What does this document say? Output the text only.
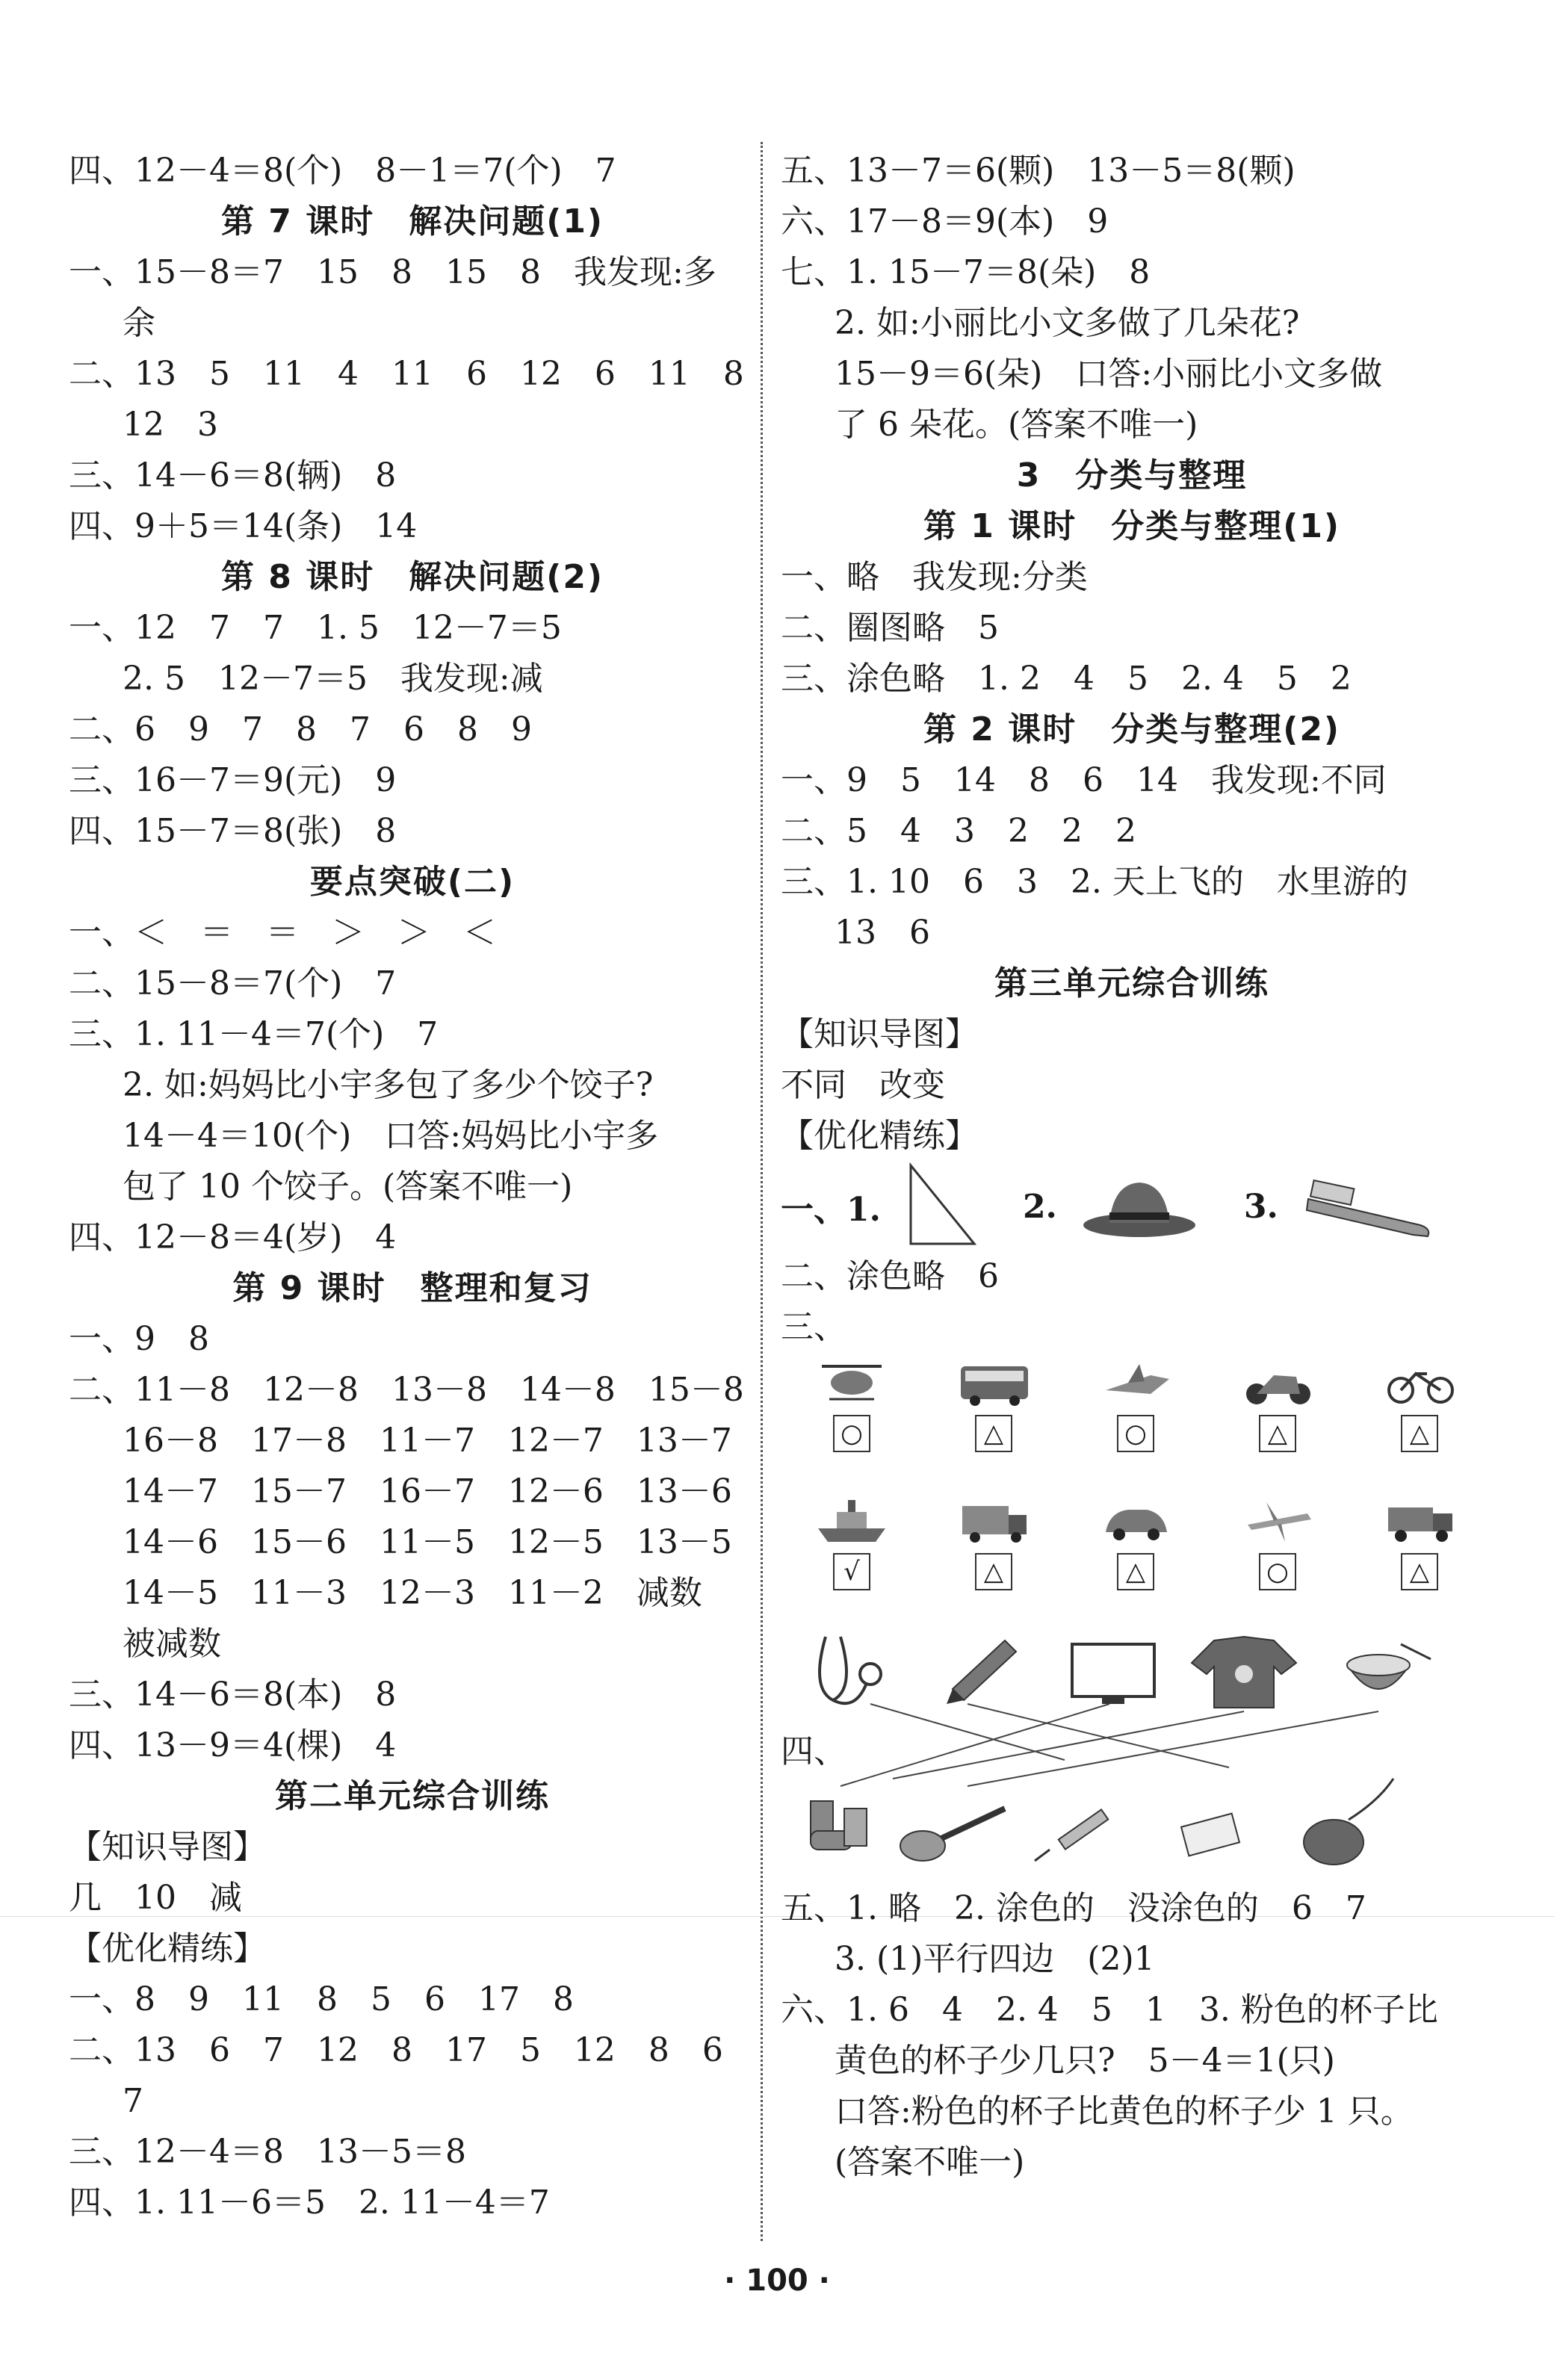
四、12－4＝8(个)　8－1＝7(个)　7
第 7 课时　解决问题(1)
一、15－8＝7　15　8　15　8　我发现:多
余
二、13　5　11　4　11　6　12　6　11　8
12　3
三、14－6＝8(辆)　8
四、9＋5＝14(条)　14
第 8 课时　解决问题(2)
一、12　7　7　1. 5　12－7＝5
2. 5　12－7＝5　我发现:减
二、6　9　7　8　7　6　8　9
三、16－7＝9(元)　9
四、15－7＝8(张)　8
要点突破(二)
一、＜　＝　＝　＞　＞　＜
二、15－8＝7(个)　7
三、1. 11－4＝7(个)　7
2. 如:妈妈比小宇多包了多少个饺子?
14－4＝10(个)　口答:妈妈比小宇多
包了 10 个饺子。(答案不唯一)
四、12－8＝4(岁)　4
第 9 课时　整理和复习
一、9　8
二、11－8　12－8　13－8　14－8　15－8
16－8　17－8　11－7　12－7　13－7
14－7　15－7　16－7　12－6　13－6
14－6　15－6　11－5　12－5　13－5
14－5　11－3　12－3　11－2　减数
被减数
三、14－6＝8(本)　8
四、13－9＝4(棵)　4
第二单元综合训练
【知识导图】
几　10　减
【优化精练】
一、8　9　11　8　5　6　17　8
二、13　6　7　12　8　17　5　12　8　6
7
三、12－4＝8　13－5＝8
四、1. 11－6＝5　2. 11－4＝7
五、13－7＝6(颗)　13－5＝8(颗)
六、17－8＝9(本)　9
七、1. 15－7＝8(朵)　8
2. 如:小丽比小文多做了几朵花?
15－9＝6(朵)　口答:小丽比小文多做
了 6 朵花。(答案不唯一)
3　分类与整理
第 1 课时　分类与整理(1)
一、略　我发现:分类
二、圈图略　5
三、涂色略　1. 2　4　5　2. 4　5　2
第 2 课时　分类与整理(2)
一、9　5　14　8　6　14　我发现:不同
二、5　4　3　2　2　2
三、1. 10　6　3　2. 天上飞的　水里游的
13　6
第三单元综合训练
【知识导图】
不同　改变
【优化精练】
一、1.	2.	3.
二、涂色略　6
三、
○	△	○	△	△
√	△	△	○	△
四、
五、1. 略　2. 涂色的　没涂色的　6　7
3. (1)平行四边　(2)1
六、1. 6　4　2. 4　5　1　3. 粉色的杯子比
黄色的杯子少几只?　5－4＝1(只)
口答:粉色的杯子比黄色的杯子少 1 只。
(答案不唯一)
· 100 ·
